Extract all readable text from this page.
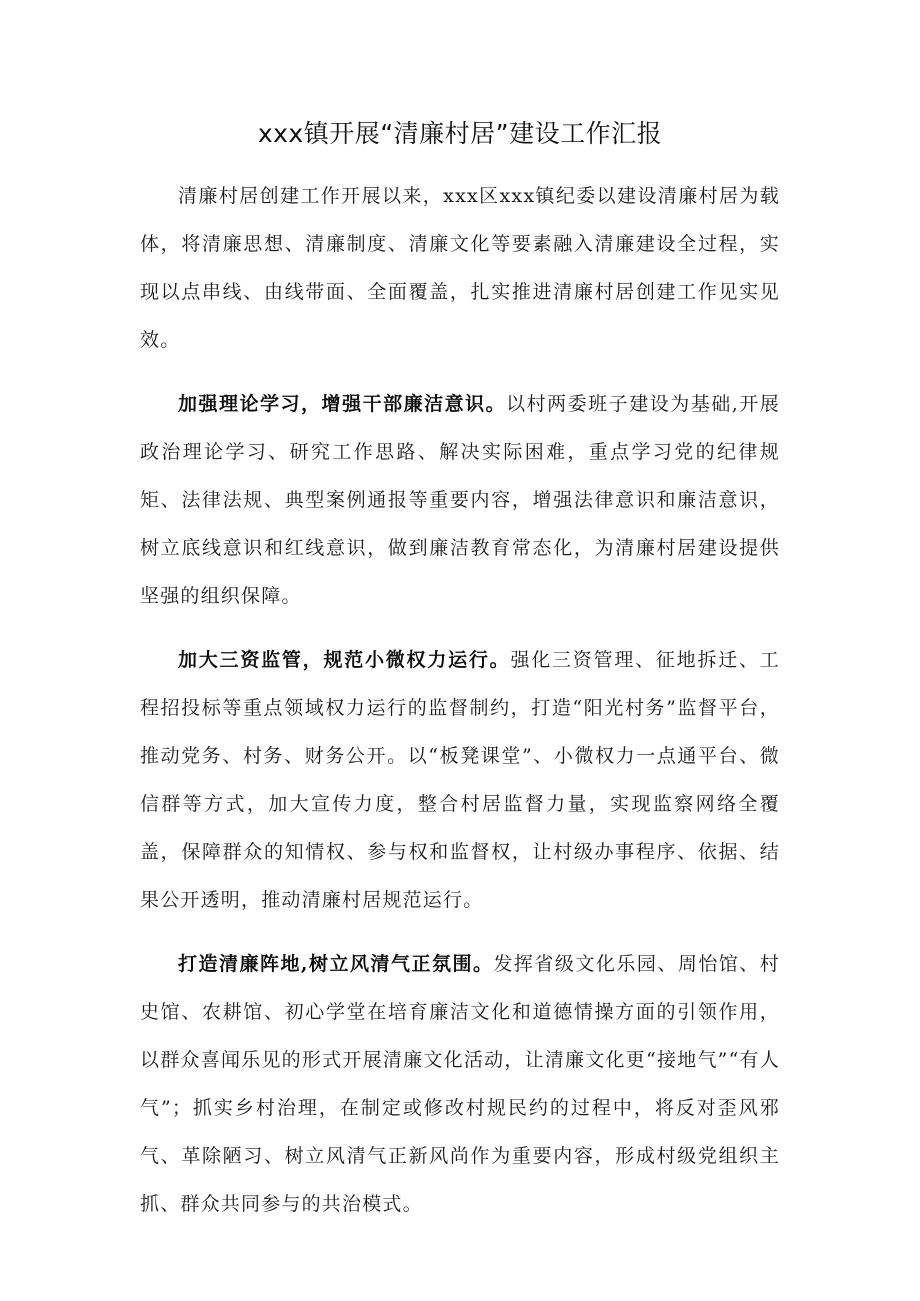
xxx镇开展“清廉村居”建设工作汇报

清廉村居创建工作开展以来，xxx区xxx镇纪委以建设清廉村居为载体，将清廉思想、清廉制度、清廉文化等要素融入清廉建设全过程，实现以点串线、由线带面、全面覆盖，扎实推进清廉村居创建工作见实见效。

加强理论学习，增强干部廉洁意识。以村两委班子建设为基础,开展政治理论学习、研究工作思路、解决实际困难，重点学习党的纪律规矩、法律法规、典型案例通报等重要内容，增强法律意识和廉洁意识，树立底线意识和红线意识，做到廉洁教育常态化，为清廉村居建设提供坚强的组织保障。

加大三资监管，规范小微权力运行。强化三资管理、征地拆迁、工程招投标等重点领域权力运行的监督制约，打造“阳光村务”监督平台，推动党务、村务、财务公开。以“板凳课堂”、小微权力一点通平台、微信群等方式，加大宣传力度，整合村居监督力量，实现监察网络全覆盖，保障群众的知情权、参与权和监督权，让村级办事程序、依据、结果公开透明，推动清廉村居规范运行。

打造清廉阵地,树立风清气正氛围。发挥省级文化乐园、周怡馆、村史馆、农耕馆、初心学堂在培育廉洁文化和道德情操方面的引领作用，以群众喜闻乐见的形式开展清廉文化活动，让清廉文化更“接地气”“有人气”；抓实乡村治理，在制定或修改村规民约的过程中，将反对歪风邪气、革除陋习、树立风清气正新风尚作为重要内容，形成村级党组织主抓、群众共同参与的共治模式。
